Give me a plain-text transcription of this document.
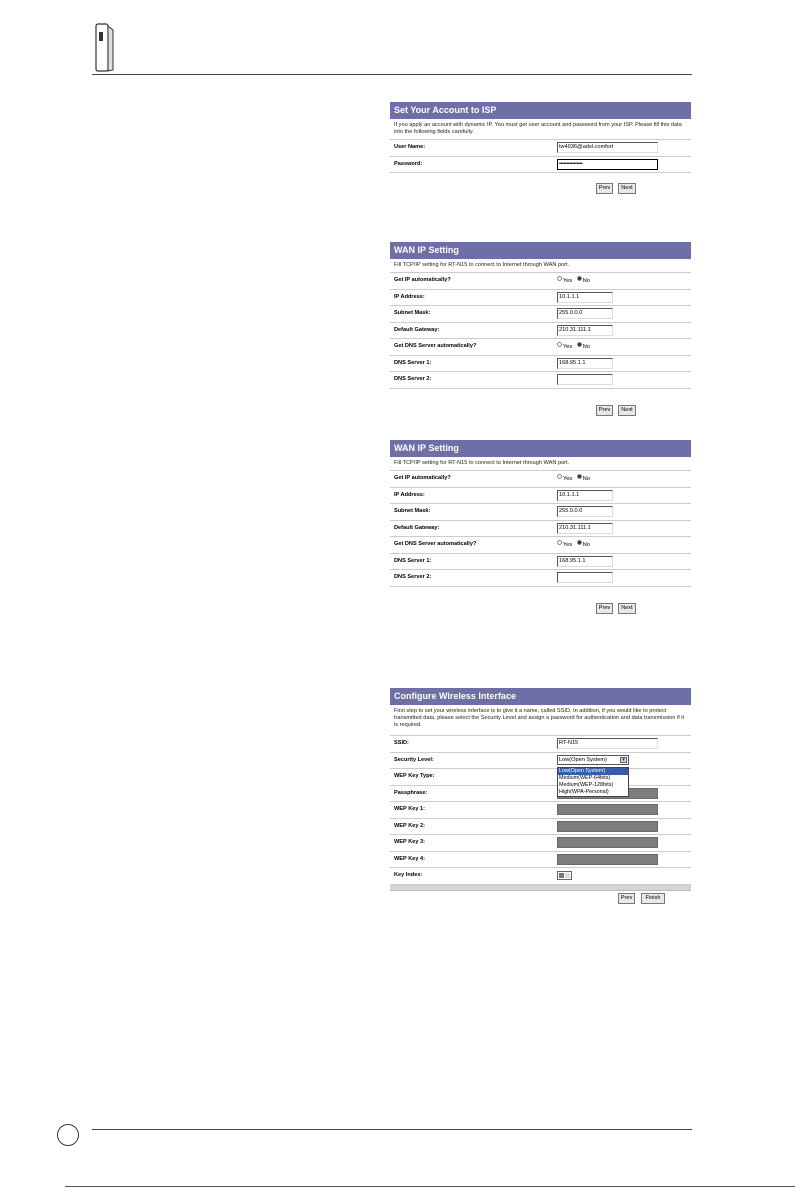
Set Your Account to ISP
If you apply an account with dynamic IP. You must get user account and password from your ISP. Please fill this data into the following fields carefully.
User Name:	tw4036@adsl.comfort
Password:	••••••••••••••••
Prev	Next
WAN IP Setting
Fill TCP/IP setting for RT-N15 to connect to Internet through WAN port.
Get IP automatically?	Yes No
IP Address:	10.1.1.1
Subnet Mask:	255.0.0.0
Default Gateway:	210.31.111.1
Get DNS Server automatically?	Yes No
DNS Server 1:	168.95.1.1
DNS Server 2:
Prev	Next
WAN IP Setting
Fill TCP/IP setting for RT-N15 to connect to Internet through WAN port.
Get IP automatically?	Yes No
IP Address:	10.1.1.1
Subnet Mask:	255.0.0.0
Default Gateway:	210.31.111.1
Get DNS Server automatically?	Yes No
DNS Server 1:	168.95.1.1
DNS Server 2:
Prev	Next
Configure Wireless Interface
First step to set your wireless interface is to give it a name, called SSID. In addition, if you would like to protect transmitted data, please select the Security Level and assign a password for authentication and data transmission if it is required.
SSID:	RT-N15
Security Level:	Low(Open System)	▾
Low(Open System)
Medium(WEP-64bits)
Medium(WEP-128bits)
High(WPA-Personal)
WEP Key Type:
Passphrase:
WEP Key 1:
WEP Key 2:
WEP Key 3:
WEP Key 4:
Key Index:
Prev	Finish
